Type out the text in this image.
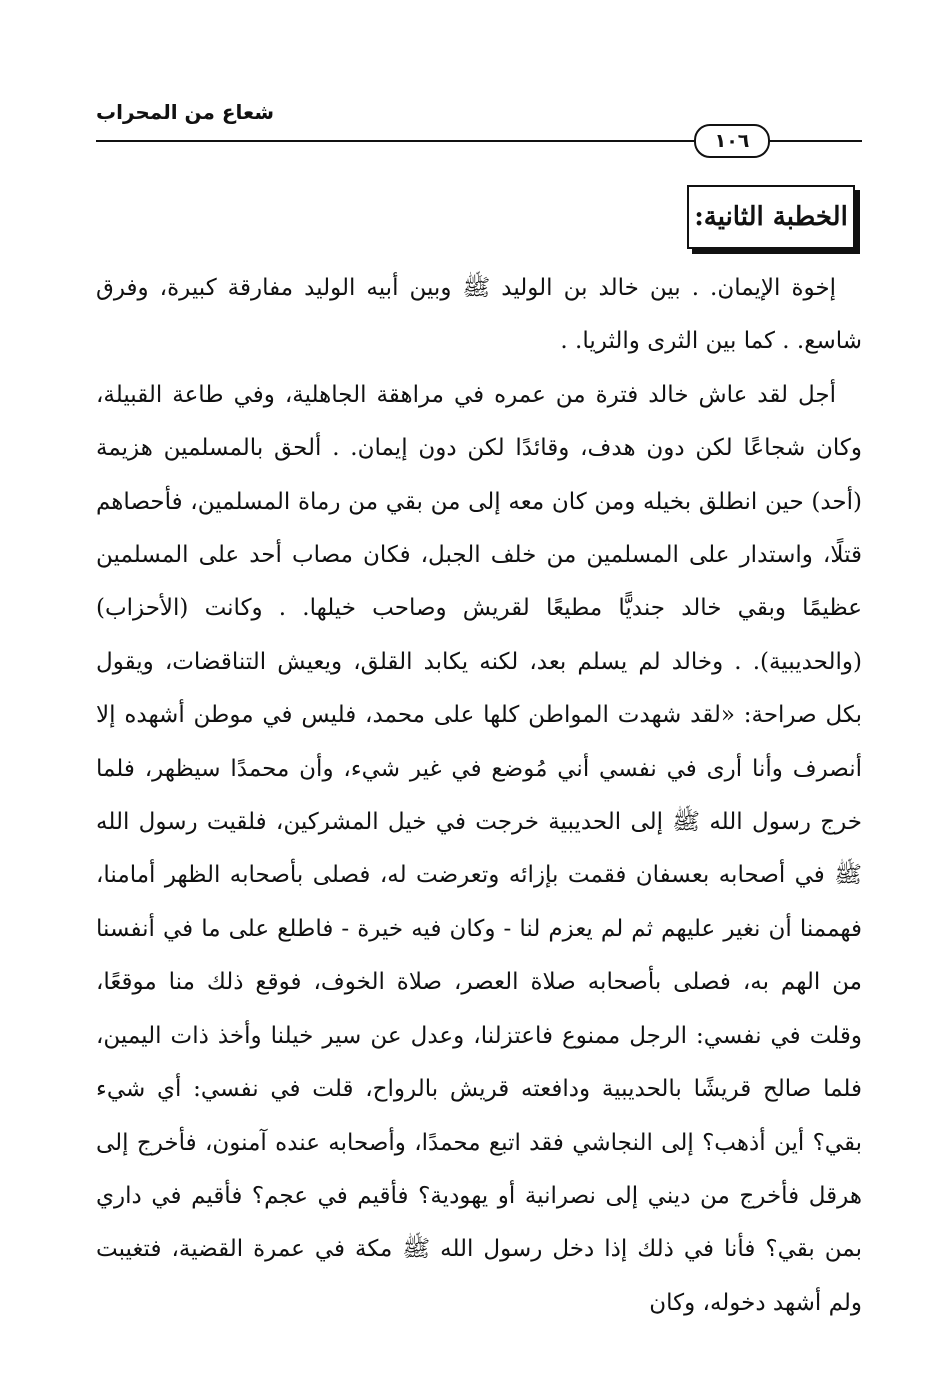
شعاع من المحراب
١٠٦
الخطبة الثانية:

إخوة الإيمان. . بين خالد بن الوليد ﷺ وبين أبيه الوليد مفارقة كبيرة، وفرق شاسع. . كما بين الثرى والثريا. .

أجل لقد عاش خالد فترة من عمره في مراهقة الجاهلية، وفي طاعة القبيلة، وكان شجاعًا لكن دون هدف، وقائدًا لكن دون إيمان. . ألحق بالمسلمين هزيمة (أحد) حين انطلق بخيله ومن كان معه إلى من بقي من رماة المسلمين، فأحصاهم قتلًا، واستدار على المسلمين من خلف الجبل، فكان مصاب أحد على المسلمين عظيمًا وبقي خالد جنديًّا مطيعًا لقريش وصاحب خيلها. . وكانت (الأحزاب) (والحديبية). . وخالد لم يسلم بعد، لكنه يكابد القلق، ويعيش التناقضات، ويقول بكل صراحة: «لقد شهدت المواطن كلها على محمد، فليس في موطن أشهده إلا أنصرف وأنا أرى في نفسي أني مُوضع في غير شيء، وأن محمدًا سيظهر، فلما خرج رسول الله ﷺ إلى الحديبية خرجت في خيل المشركين، فلقيت رسول الله ﷺ في أصحابه بعسفان فقمت بإزائه وتعرضت له، فصلى بأصحابه الظهر أمامنا، فهممنا أن نغير عليهم ثم لم يعزم لنا - وكان فيه خيرة - فاطلع على ما في أنفسنا من الهم به، فصلى بأصحابه صلاة العصر، صلاة الخوف، فوقع ذلك منا موقعًا، وقلت في نفسي: الرجل ممنوع فاعتزلنا، وعدل عن سير خيلنا وأخذ ذات اليمين، فلما صالح قريشًا بالحديبية ودافعته قريش بالرواح، قلت في نفسي: أي شيء بقي؟ أين أذهب؟ إلى النجاشي فقد اتبع محمدًا، وأصحابه عنده آمنون، فأخرج إلى هرقل فأخرج من ديني إلى نصرانية أو يهودية؟ فأقيم في عجم؟ فأقيم في داري بمن بقي؟ فأنا في ذلك إذا دخل رسول الله ﷺ مكة في عمرة القضية، فتغيبت ولم أشهد دخوله، وكان
